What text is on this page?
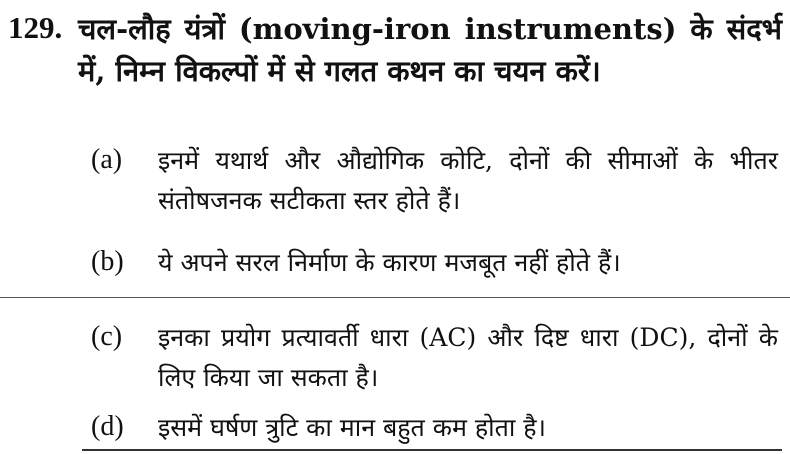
129. चल-लौह यंत्रों (moving-iron instruments) के संदर्भ में, निम्न विकल्पों में से गलत कथन का चयन करें।
(a) इनमें यथार्थ और औद्योगिक कोटि, दोनों की सीमाओं के भीतर संतोषजनक सटीकता स्तर होते हैं।
(b) ये अपने सरल निर्माण के कारण मजबूत नहीं होते हैं।
(c) इनका प्रयोग प्रत्यावर्ती धारा (AC) और दिष्ट धारा (DC), दोनों के लिए किया जा सकता है।
(d) इसमें घर्षण त्रुटि का मान बहुत कम होता है।
